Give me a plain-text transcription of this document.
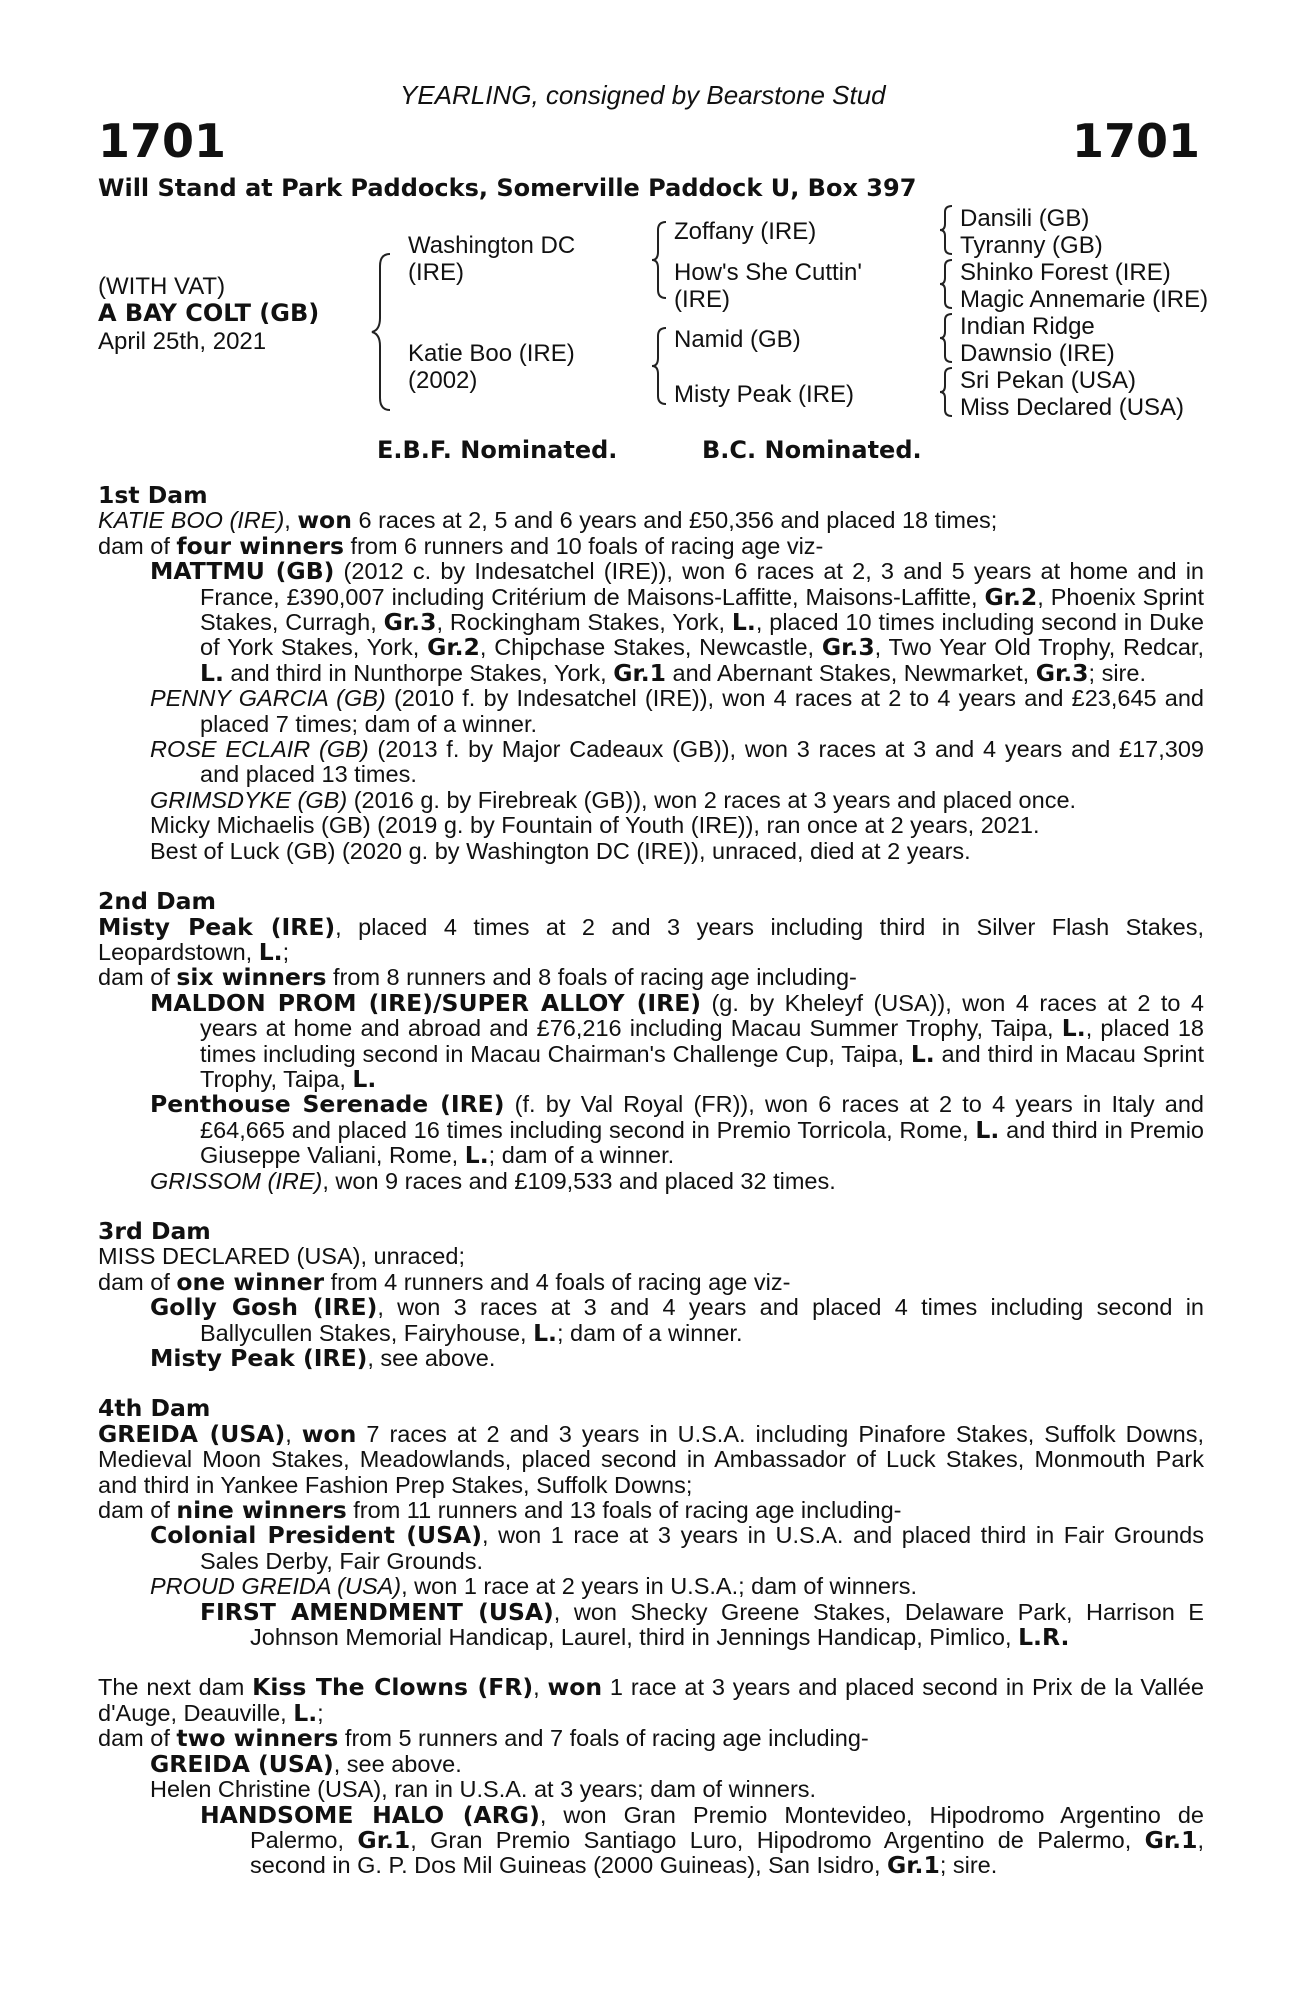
YEARLING, consigned by Bearstone Stud
1701	1701
Will Stand at Park Paddocks, Somerville Paddock U, Box 397
(WITH VAT)
A BAY COLT (GB)
April 25th, 2021
Washington DC (IRE)
Katie Boo (IRE) (2002)
Zoffany (IRE)
How's She Cuttin' (IRE)
Namid (GB)
Misty Peak (IRE)
Dansili (GB)
Tyranny (GB)
Shinko Forest (IRE)
Magic Annemarie (IRE)
Indian Ridge
Dawnsio (IRE)
Sri Pekan (USA)
Miss Declared (USA)
E.B.F. Nominated.	B.C. Nominated.

1st Dam

KATIE BOO (IRE), won 6 races at 2, 5 and 6 years and £50,356 and placed 18 times;

dam of four winners from 6 runners and 10 foals of racing age viz-

MATTMU (GB) (2012 c. by Indesatchel (IRE)), won 6 races at 2, 3 and 5 years at home and in France, £390,007 including Critérium de Maisons-Laffitte, Maisons-Laffitte, Gr.2, Phoenix Sprint Stakes, Curragh, Gr.3, Rockingham Stakes, York, L., placed 10 times including second in Duke of York Stakes, York, Gr.2, Chipchase Stakes, Newcastle, Gr.3, Two Year Old Trophy, Redcar, L. and third in Nunthorpe Stakes, York, Gr.1 and Abernant Stakes, Newmarket, Gr.3; sire.

PENNY GARCIA (GB) (2010 f. by Indesatchel (IRE)), won 4 races at 2 to 4 years and £23,645 and placed 7 times; dam of a winner.

ROSE ECLAIR (GB) (2013 f. by Major Cadeaux (GB)), won 3 races at 3 and 4 years and £17,309 and placed 13 times.

GRIMSDYKE (GB) (2016 g. by Firebreak (GB)), won 2 races at 3 years and placed once.

Micky Michaelis (GB) (2019 g. by Fountain of Youth (IRE)), ran once at 2 years, 2021.

Best of Luck (GB) (2020 g. by Washington DC (IRE)), unraced, died at 2 years.

2nd Dam

Misty Peak (IRE), placed 4 times at 2 and 3 years including third in Silver Flash Stakes, Leopardstown, L.;

dam of six winners from 8 runners and 8 foals of racing age including-

MALDON PROM (IRE)/SUPER ALLOY (IRE) (g. by Kheleyf (USA)), won 4 races at 2 to 4 years at home and abroad and £76,216 including Macau Summer Trophy, Taipa, L., placed 18 times including second in Macau Chairman's Challenge Cup, Taipa, L. and third in Macau Sprint Trophy, Taipa, L.

Penthouse Serenade (IRE) (f. by Val Royal (FR)), won 6 races at 2 to 4 years in Italy and £64,665 and placed 16 times including second in Premio Torricola, Rome, L. and third in Premio Giuseppe Valiani, Rome, L.; dam of a winner.

GRISSOM (IRE), won 9 races and £109,533 and placed 32 times.

3rd Dam

MISS DECLARED (USA), unraced;

dam of one winner from 4 runners and 4 foals of racing age viz-

Golly Gosh (IRE), won 3 races at 3 and 4 years and placed 4 times including second in Ballycullen Stakes, Fairyhouse, L.; dam of a winner.

Misty Peak (IRE), see above.

4th Dam

GREIDA (USA), won 7 races at 2 and 3 years in U.S.A. including Pinafore Stakes, Suffolk Downs, Medieval Moon Stakes, Meadowlands, placed second in Ambassador of Luck Stakes, Monmouth Park and third in Yankee Fashion Prep Stakes, Suffolk Downs;

dam of nine winners from 11 runners and 13 foals of racing age including-

Colonial President (USA), won 1 race at 3 years in U.S.A. and placed third in Fair Grounds Sales Derby, Fair Grounds.

PROUD GREIDA (USA), won 1 race at 2 years in U.S.A.; dam of winners.

FIRST AMENDMENT (USA), won Shecky Greene Stakes, Delaware Park, Harrison E Johnson Memorial Handicap, Laurel, third in Jennings Handicap, Pimlico, L.R.

The next dam Kiss The Clowns (FR), won 1 race at 3 years and placed second in Prix de la Vallée d'Auge, Deauville, L.;

dam of two winners from 5 runners and 7 foals of racing age including-

GREIDA (USA), see above.

Helen Christine (USA), ran in U.S.A. at 3 years; dam of winners.

HANDSOME HALO (ARG), won Gran Premio Montevideo, Hipodromo Argentino de Palermo, Gr.1, Gran Premio Santiago Luro, Hipodromo Argentino de Palermo, Gr.1, second in G. P. Dos Mil Guineas (2000 Guineas), San Isidro, Gr.1; sire.
